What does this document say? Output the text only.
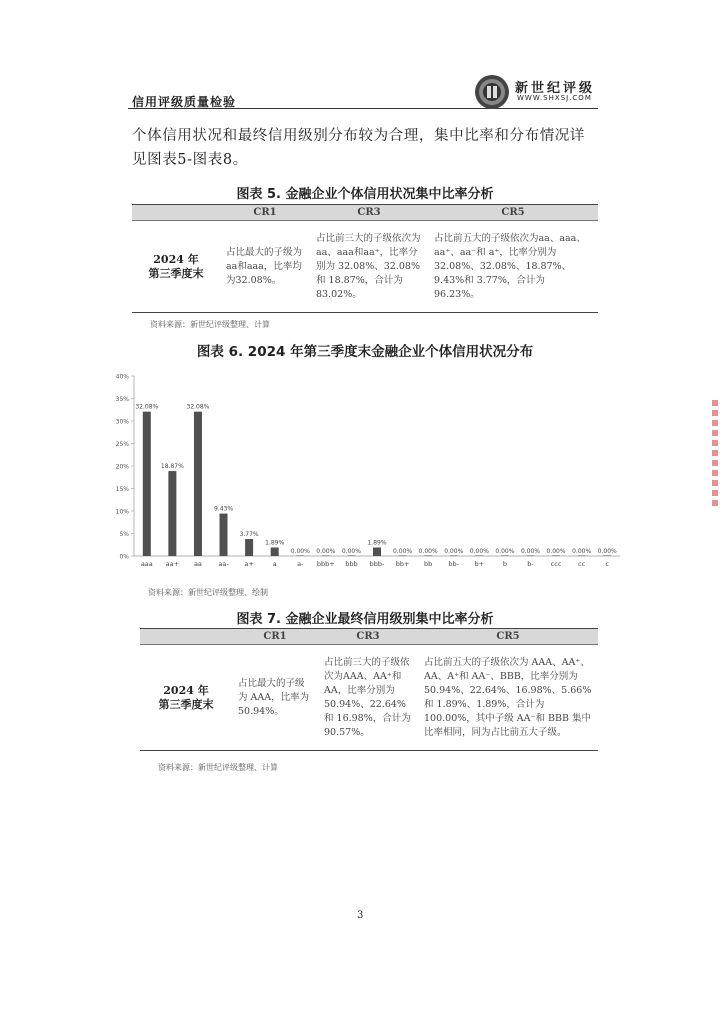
信用评级质量检验
新世纪评级
WWW.SHXSJ.COM
个体信用状况和最终信用级别分布较为合理，集中比率和分布情况详见图表5-图表8。
图表 5. 金融企业个体信用状况集中比率分析
	CR1	CR3	CR5
2024 年
第三季度末	占比最大的子级为aa和aaa，比率均为32.08%。	占比前三大的子级依次为aa、aaa和aa⁺，比率分别为 32.08%、32.08%和 18.87%，合计为 83.02%。	占比前五大的子级依次为aa、aaa、aa⁺、aa⁻和 a⁺，比率分别为 32.08%、32.08%、18.87%、9.43%和 3.77%，合计为 96.23%。
资料来源：新世纪评级整理、计算
图表 6. 2024 年第三季度末金融企业个体信用状况分布
0%
5%
10%
15%
20%
25%
30%
35%
40%
32.08%
aaa
18.87%
aa+
32.08%
aa
9.43%
aa-
3.77%
a+
1.89%
a
0.00%
a-
0.00%
bbb+
0.00%
bbb
1.89%
bbb-
0.00%
bb+
0.00%
bb
0.00%
bb-
0.00%
b+
0.00%
b
0.00%
b-
0.00%
ccc
0.00%
cc
0.00%
c
资料来源：新世纪评级整理、绘制
图表 7. 金融企业最终信用级别集中比率分析
	CR1	CR3	CR5
2024 年
第三季度末	占比最大的子级为 AAA，比率为50.94%。	占比前三大的子级依次为AAA、AA⁺和 AA，比率分别为 50.94%、22.64%和 16.98%，合计为90.57%。	占比前五大的子级依次为 AAA、AA⁺、AA、A⁺和 AA⁻、BBB，比率分别为 50.94%、22.64%、16.98%、5.66%和 1.89%、1.89%，合计为 100.00%，其中子级 AA⁻和 BBB 集中比率相同，同为占比前五大子级。
资料来源：新世纪评级整理、计算
3
